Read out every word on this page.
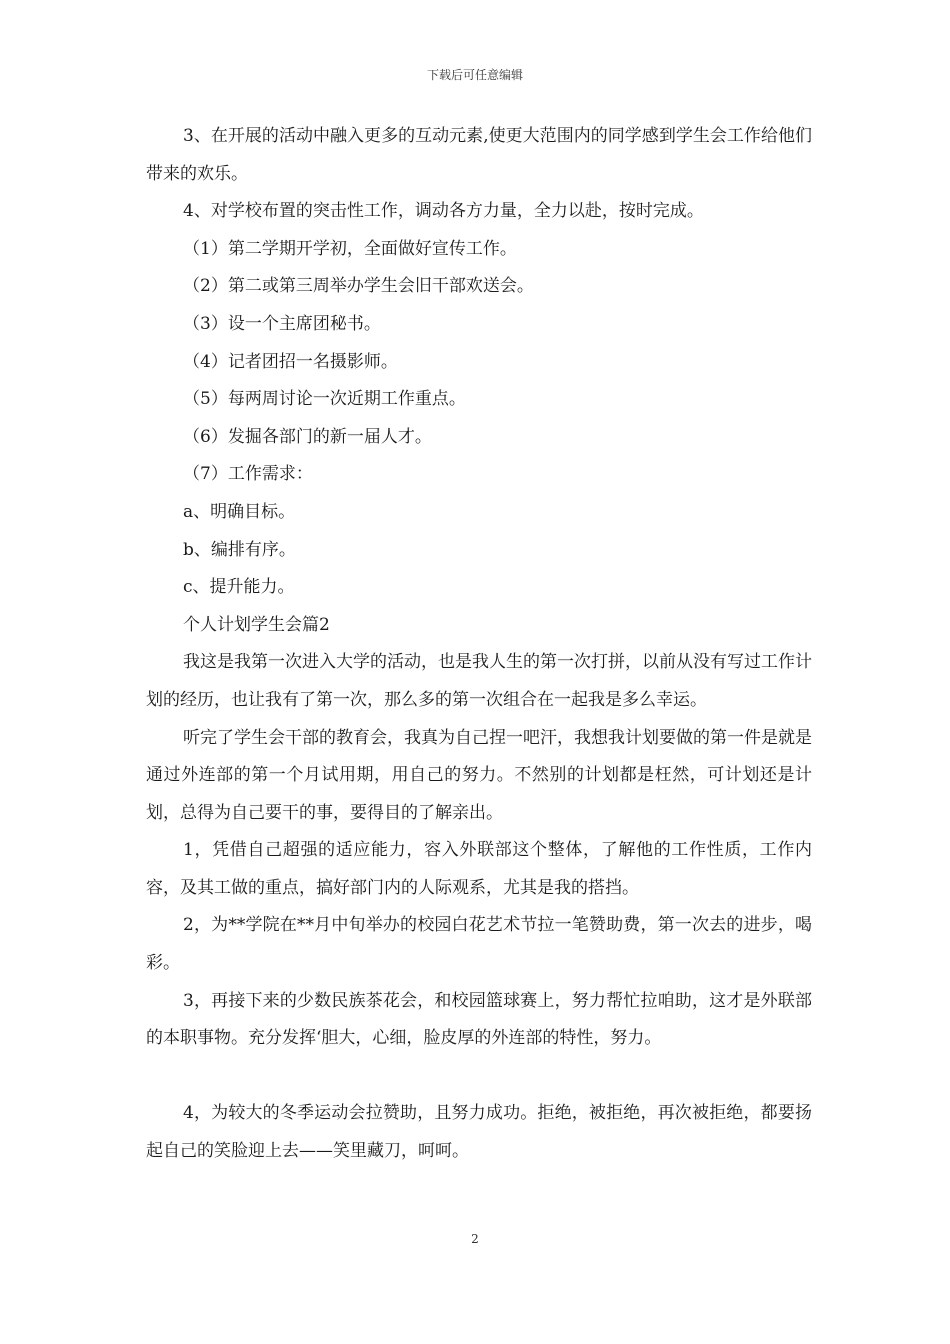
下载后可任意编辑

3、在开展的活动中融入更多的互动元素,使更大范围内的同学感到学生会工作给他们带来的欢乐。

4、对学校布置的突击性工作，调动各方力量，全力以赴，按时完成。

（1）第二学期开学初，全面做好宣传工作。

（2）第二或第三周举办学生会旧干部欢送会。

（3）设一个主席团秘书。

（4）记者团招一名摄影师。

（5）每两周讨论一次近期工作重点。

（6）发掘各部门的新一届人才。

（7）工作需求：

a、明确目标。

b、编排有序。

c、提升能力。

个人计划学生会篇2

我这是我第一次进入大学的活动，也是我人生的第一次打拼，以前从没有写过工作计划的经历，也让我有了第一次，那么多的第一次组合在一起我是多么幸运。

听完了学生会干部的教育会，我真为自己捏一吧汗，我想我计划要做的第一件是就是通过外连部的第一个月试用期，用自己的努力。不然别的计划都是枉然，可计划还是计划，总得为自己要干的事，要得目的了解亲出。

1，凭借自己超强的适应能力，容入外联部这个整体，了解他的工作性质，工作内容，及其工做的重点，搞好部门内的人际观系，尤其是我的搭挡。

2，为**学院在**月中旬举办的校园白花艺术节拉一笔赞助费，第一次去的进步，喝彩。

3，再接下来的少数民族茶花会，和校园篮球赛上，努力帮忙拉咱助，这才是外联部的本职事物。充分发挥‘胆大，心细，脸皮厚的外连部的特性，努力。

4，为较大的冬季运动会拉赞助，且努力成功。拒绝，被拒绝，再次被拒绝，都要扬起自己的笑脸迎上去——笑里藏刀，呵呵。

2
